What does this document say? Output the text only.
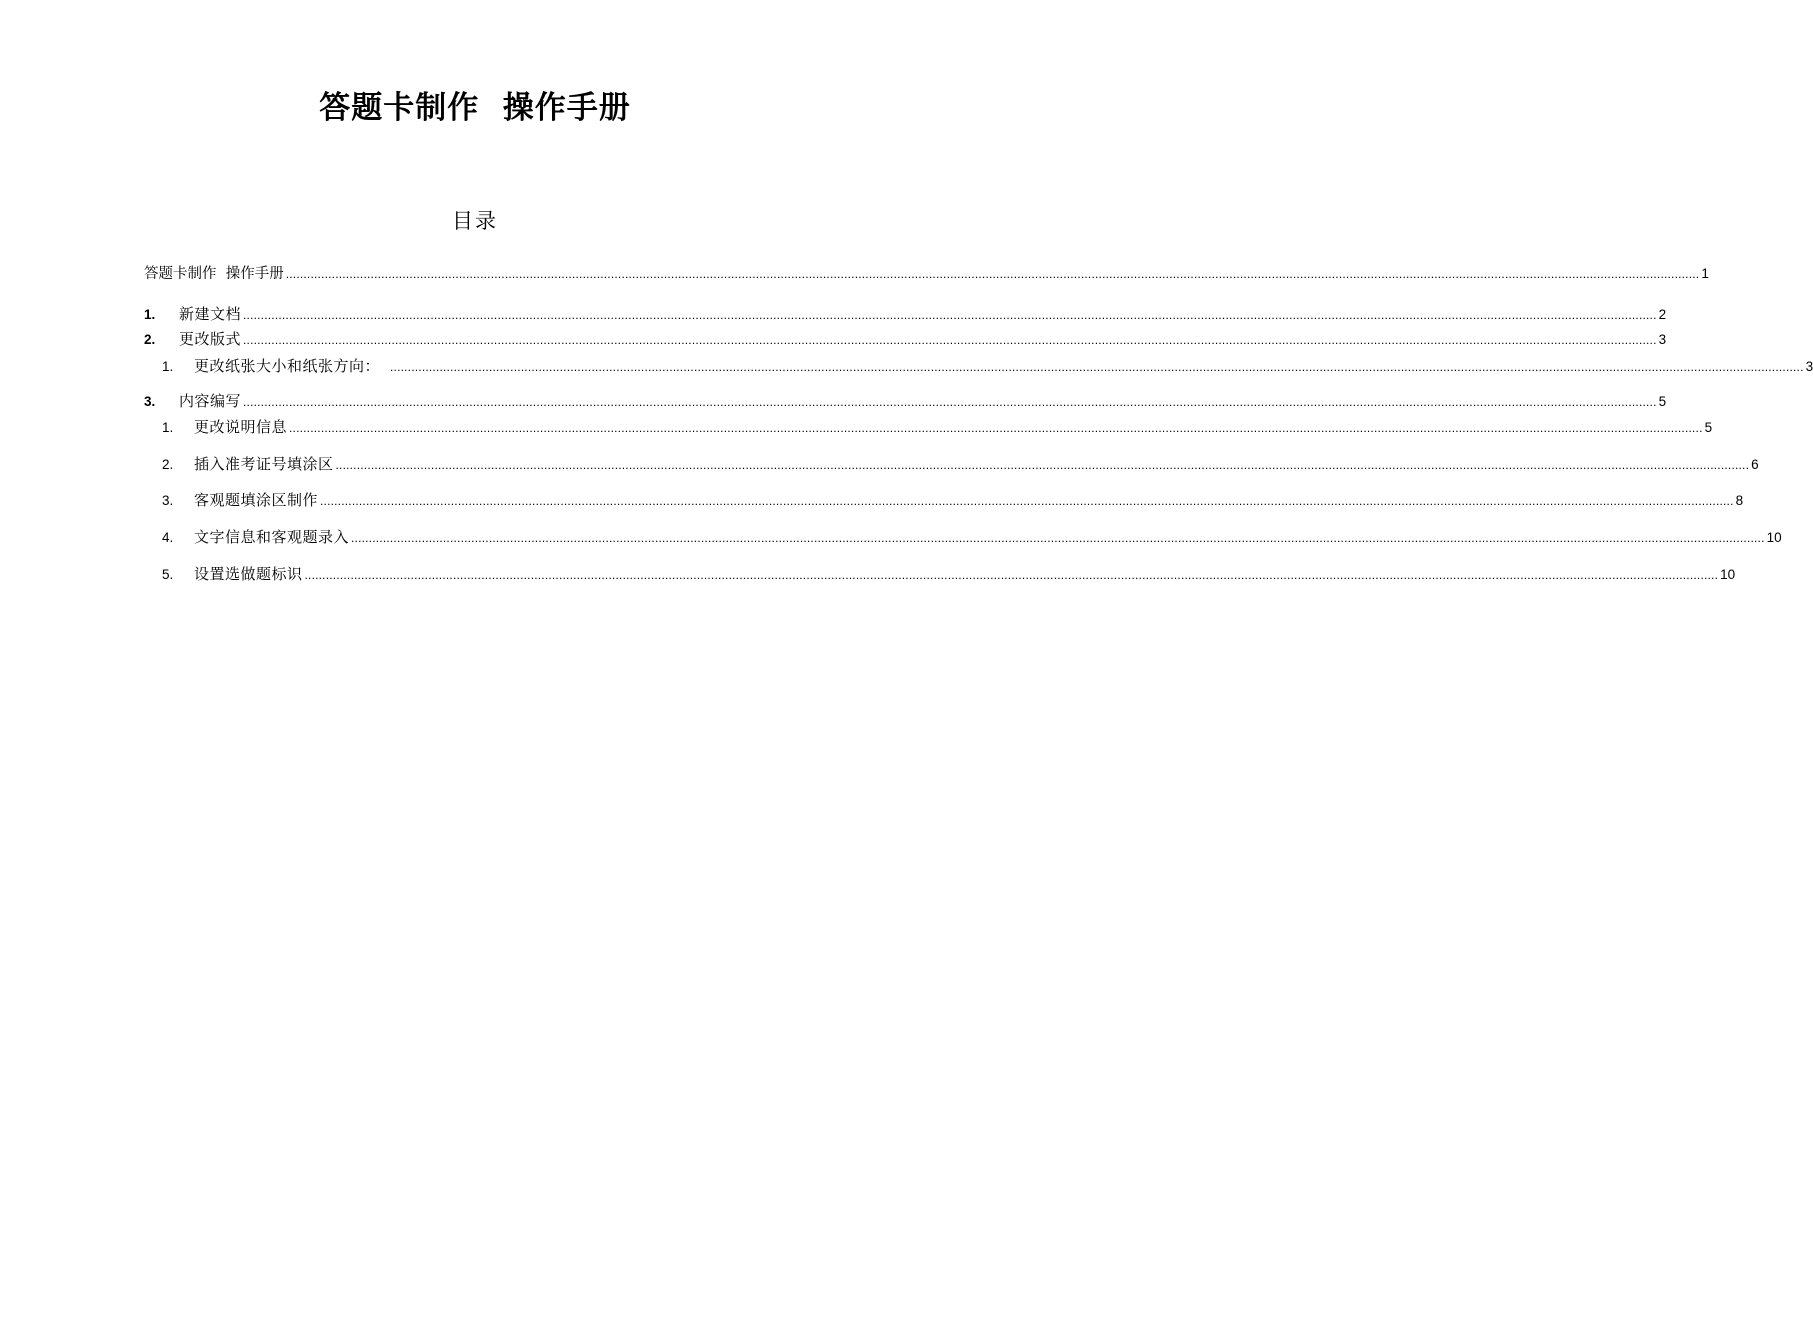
答题卡制作  操作手册
目录
答题卡制作  操作手册 ................................................................................................................................................................................................................................................................................................................................................................................................................ 1
1.	新建文档 ................................................................................................................................................................................................................................................................................................................................................................................................................ 2
2.	更改版式 ................................................................................................................................................................................................................................................................................................................................................................................................................ 3
1.	更改纸张大小和纸张方向： ................................................................................................................................................................................................................................................................................................................................................................................................................ 3
3.	内容编写 ................................................................................................................................................................................................................................................................................................................................................................................................................ 5
1.	更改说明信息 ................................................................................................................................................................................................................................................................................................................................................................................................................ 5
2.	插入准考证号填涂区 ................................................................................................................................................................................................................................................................................................................................................................................................................ 6
3.	客观题填涂区制作 ................................................................................................................................................................................................................................................................................................................................................................................................................ 8
4.	文字信息和客观题录入 ................................................................................................................................................................................................................................................................................................................................................................................................................ 10
5.	设置选做题标识 ................................................................................................................................................................................................................................................................................................................................................................................................................ 10
